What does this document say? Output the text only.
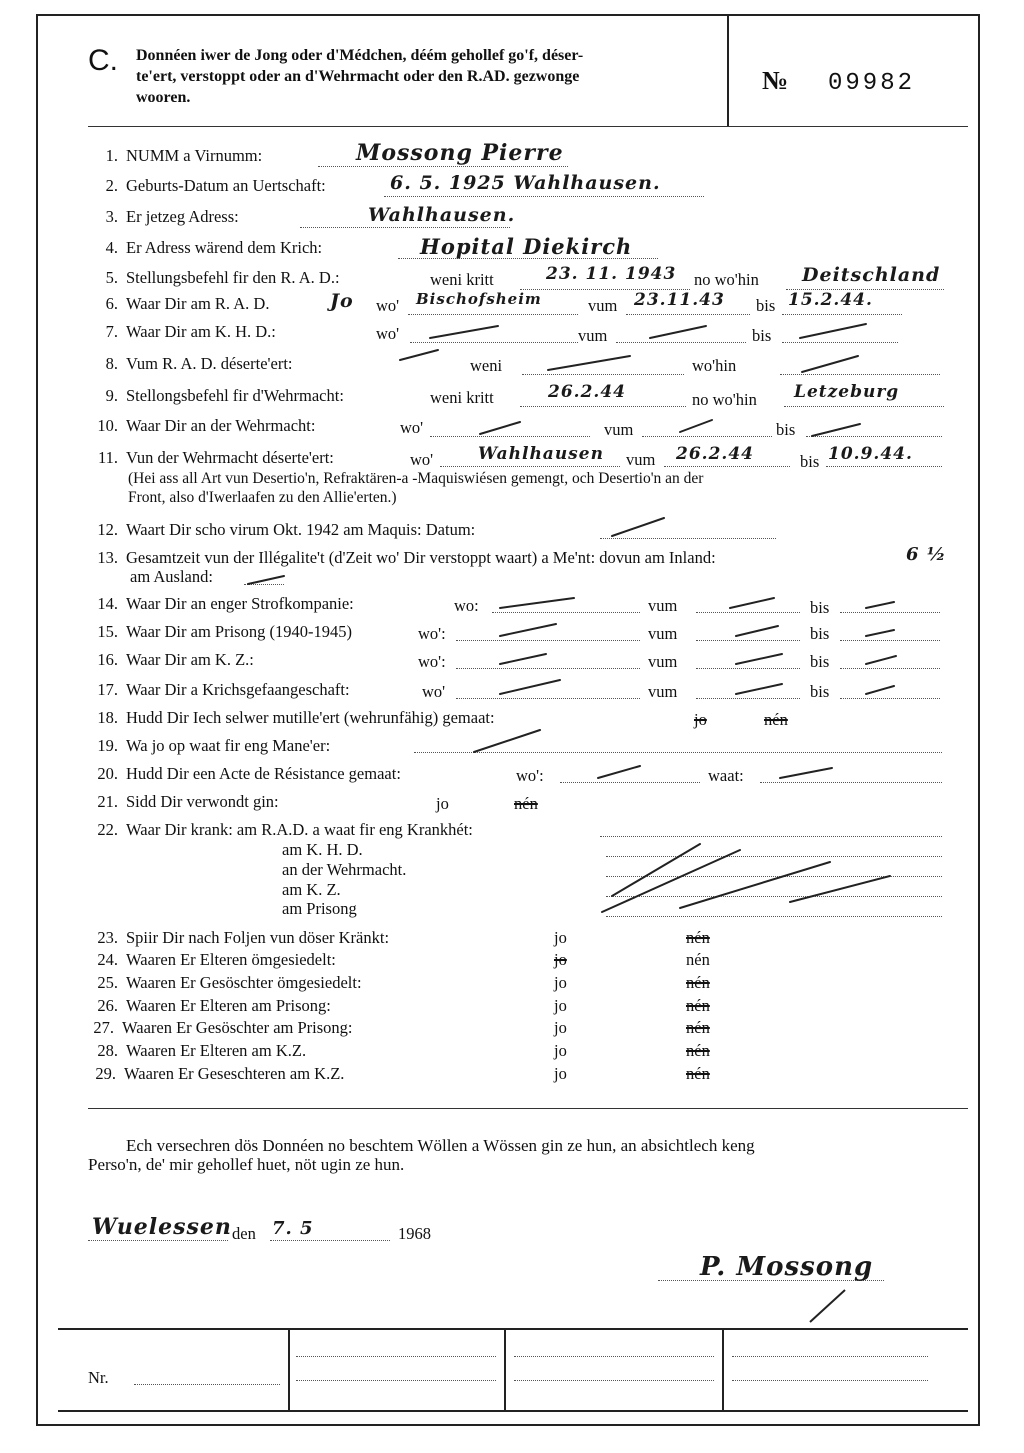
C. Donnéen iwer de Jong oder d'Médchen, déém gehollef go'f, déser-
te'ert, verstoppt oder an d'Wehrmacht oder den R.AD. gezwonge
wooren.
№ 09982
1. NUMM a Virnumm:	Mossong Pierre
2. Geburts-Datum an Uertschaft:	6. 5. 1925 Wahlhausen.
3. Er jetzeg Adress:	Wahlhausen.
4. Er Adress wärend dem Krich:	Hopital Diekirch
5. Stellungsbefehl fir den R. A. D.:	weni kritt	23. 11. 1943 no wo'hin Deitschland
6. Waar Dir am R. A. D.	Jo wo' Bischofsheim	vum 23.11.43 bis 15.2.44.
7. Waar Dir am K. H. D.:	wo'	vum	bis
8. Vum R. A. D. déserte'ert:	weni	wo'hin
9. Stellongsbefehl fir d'Wehrmacht:	weni kritt	26.2.44	no wo'hin Letzeburg
10. Waar Dir an der Wehrmacht:	wo'	vum	bis
11. Vun der Wehrmacht déserte'ert:	wo'	Wahlhausen vum 26.2.44	bis 10.9.44.
(Hei ass all Art vun Desertio'n, Refraktären-a -Maquiswiésen gemengt, och Desertio'n an der
Front, also d'Iwerlaafen zu den Allie'erten.)
12. Waart Dir scho virum Okt. 1942 am Maquis: Datum:
13. Gesamtzeit vun der Illégalite't (d'Zeit wo' Dir verstoppt waart) a Me'nt: dovun am Inland:	6 ½
am Ausland:
14. Waar Dir an enger Strofkompanie:	wo:	vum	bis
15. Waar Dir am Prisong (1940-1945)	wo':	vum	bis
16. Waar Dir am K. Z.:	wo':	vum	bis
17. Waar Dir a Krichsgefaangeschaft:	wo'	vum	bis
18. Hudd Dir Iech selwer mutille'ert (wehrunfähig) gemaat:	jo	nén
19. Wa jo op waat fir eng Mane'er:
20. Hudd Dir een Acte de Résistance gemaat:	wo':	waat:
21. Sidd Dir verwondt gin:	jo	nén
22. Waar Dir krank: am R.A.D. a waat fir eng Krankhét:
am K. H. D.
an der Wehrmacht.
am K. Z.
am Prisong
23. Spiir Dir nach Foljen vun döser Kränkt:	jo	nén
24. Waaren Er Elteren ömgesiedelt:	jo	nén
25. Waaren Er Gesöschter ömgesiedelt:	jo	nén
26. Waaren Er Elteren am Prisong:	jo	nén
27. Waaren Er Gesöschter am Prisong:	jo	nén
28. Waaren Er Elteren am K.Z.	jo	nén
29. Waaren Er Geseschteren am K.Z.	jo	nén
Ech versechren dös Donnéen no beschtem Wöllen a Wössen gin ze hun, an absichtlech keng
Perso'n, de' mir gehollef huet, nöt ugin ze hun.
Wuelessen den 7. 5	1968
P. Mossong
Nr.
